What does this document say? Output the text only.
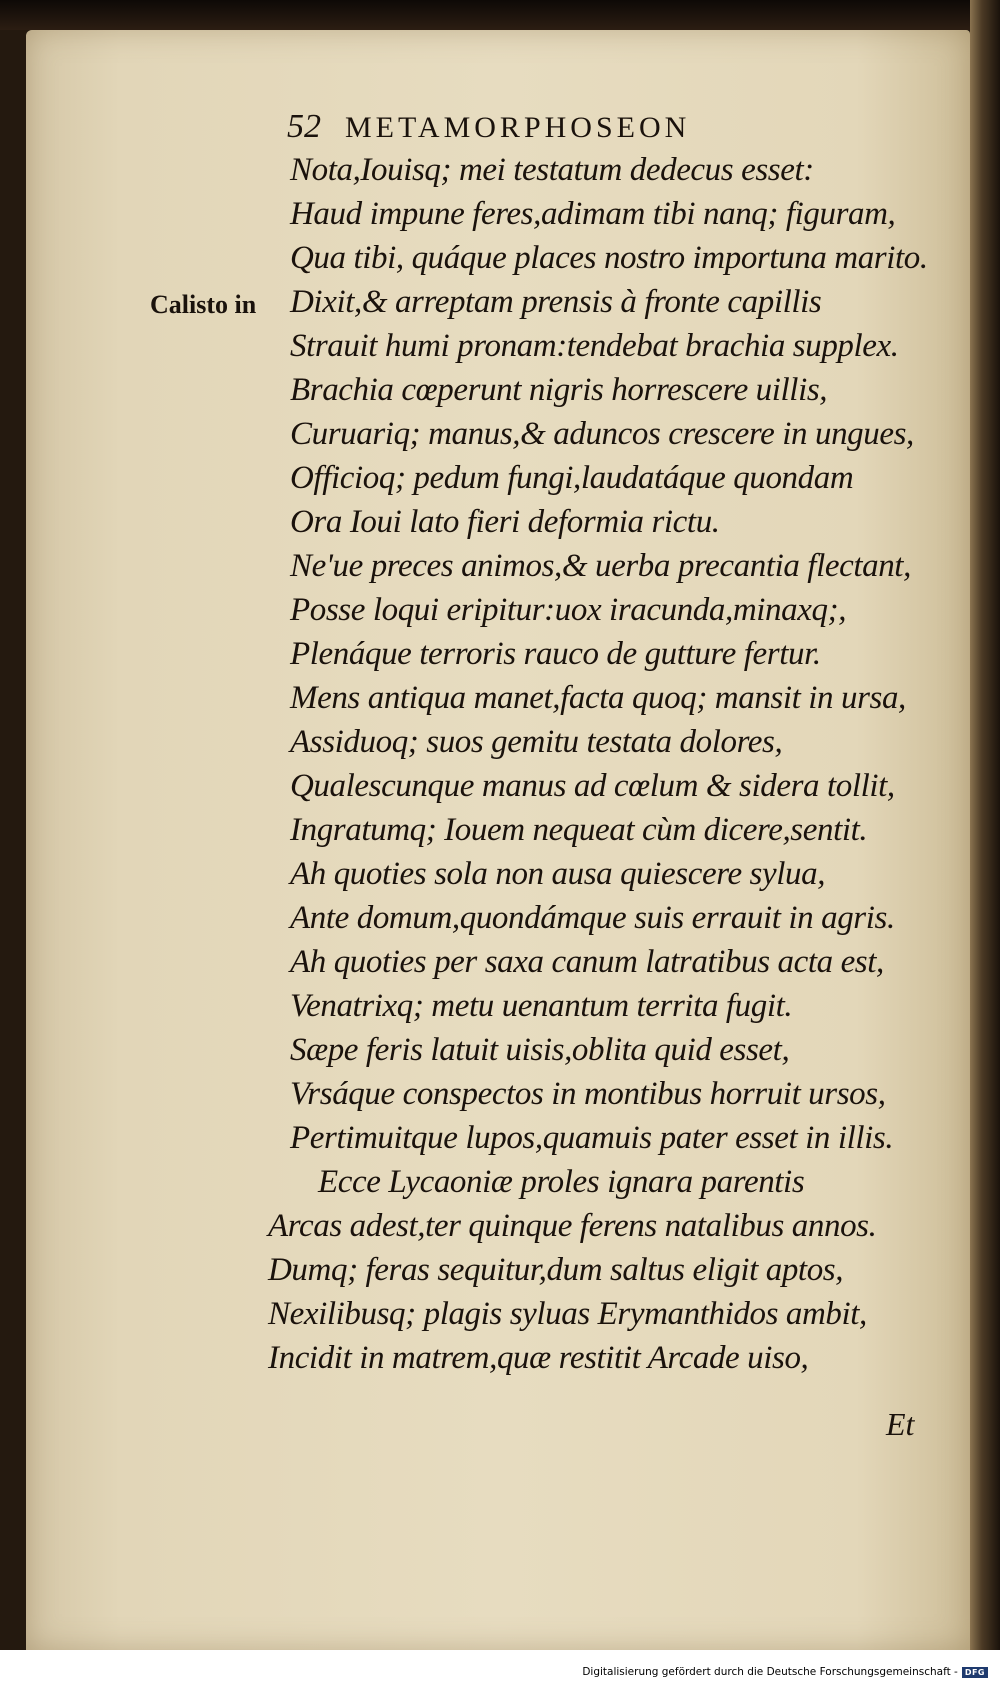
52 METAMORPHOSEON
Calisto in
Nota,Iouisq; mei testatum dedecus esset:
Haud impune feres,adimam tibi nanq; figuram,
Qua tibi, quáque places nostro importuna marito.
Dixit,& arreptam prensis à fronte capillis
Strauit humi pronam:tendebat brachia supplex.
Brachia cœperunt nigris horrescere uillis,
Curuariq; manus,& aduncos crescere in ungues,
Officioq; pedum fungi,laudatáque quondam
Ora Ioui lato fieri deformia rictu.
Ne'ue preces animos,& uerba precantia flectant,
Posse loqui eripitur:uox iracunda,minaxq;,
Plenáque terroris rauco de gutture fertur.
Mens antiqua manet,facta quoq; mansit in ursa,
Assiduoq; suos gemitu testata dolores,
Qualescunque manus ad cœlum & sidera tollit,
Ingratumq; Iouem nequeat cùm dicere,sentit.
Ah quoties sola non ausa quiescere sylua,
Ante domum,quondámque suis errauit in agris.
Ah quoties per saxa canum latratibus acta est,
Venatrixq; metu uenantum territa fugit.
Sæpe feris latuit uisis,oblita quid esset,
Vrsáque conspectos in montibus horruit ursos,
Pertimuitque lupos,quamuis pater esset in illis.
Ecce Lycaoniæ proles ignara parentis
Arcas adest,ter quinque ferens natalibus annos.
Dumq; feras sequitur,dum saltus eligit aptos,
Nexilibusq; plagis syluas Erymanthidos ambit,
Incidit in matrem,quæ restitit Arcade uiso,
Et
Digitalisierung gefördert durch die Deutsche Forschungsgemeinschaft - DFG
